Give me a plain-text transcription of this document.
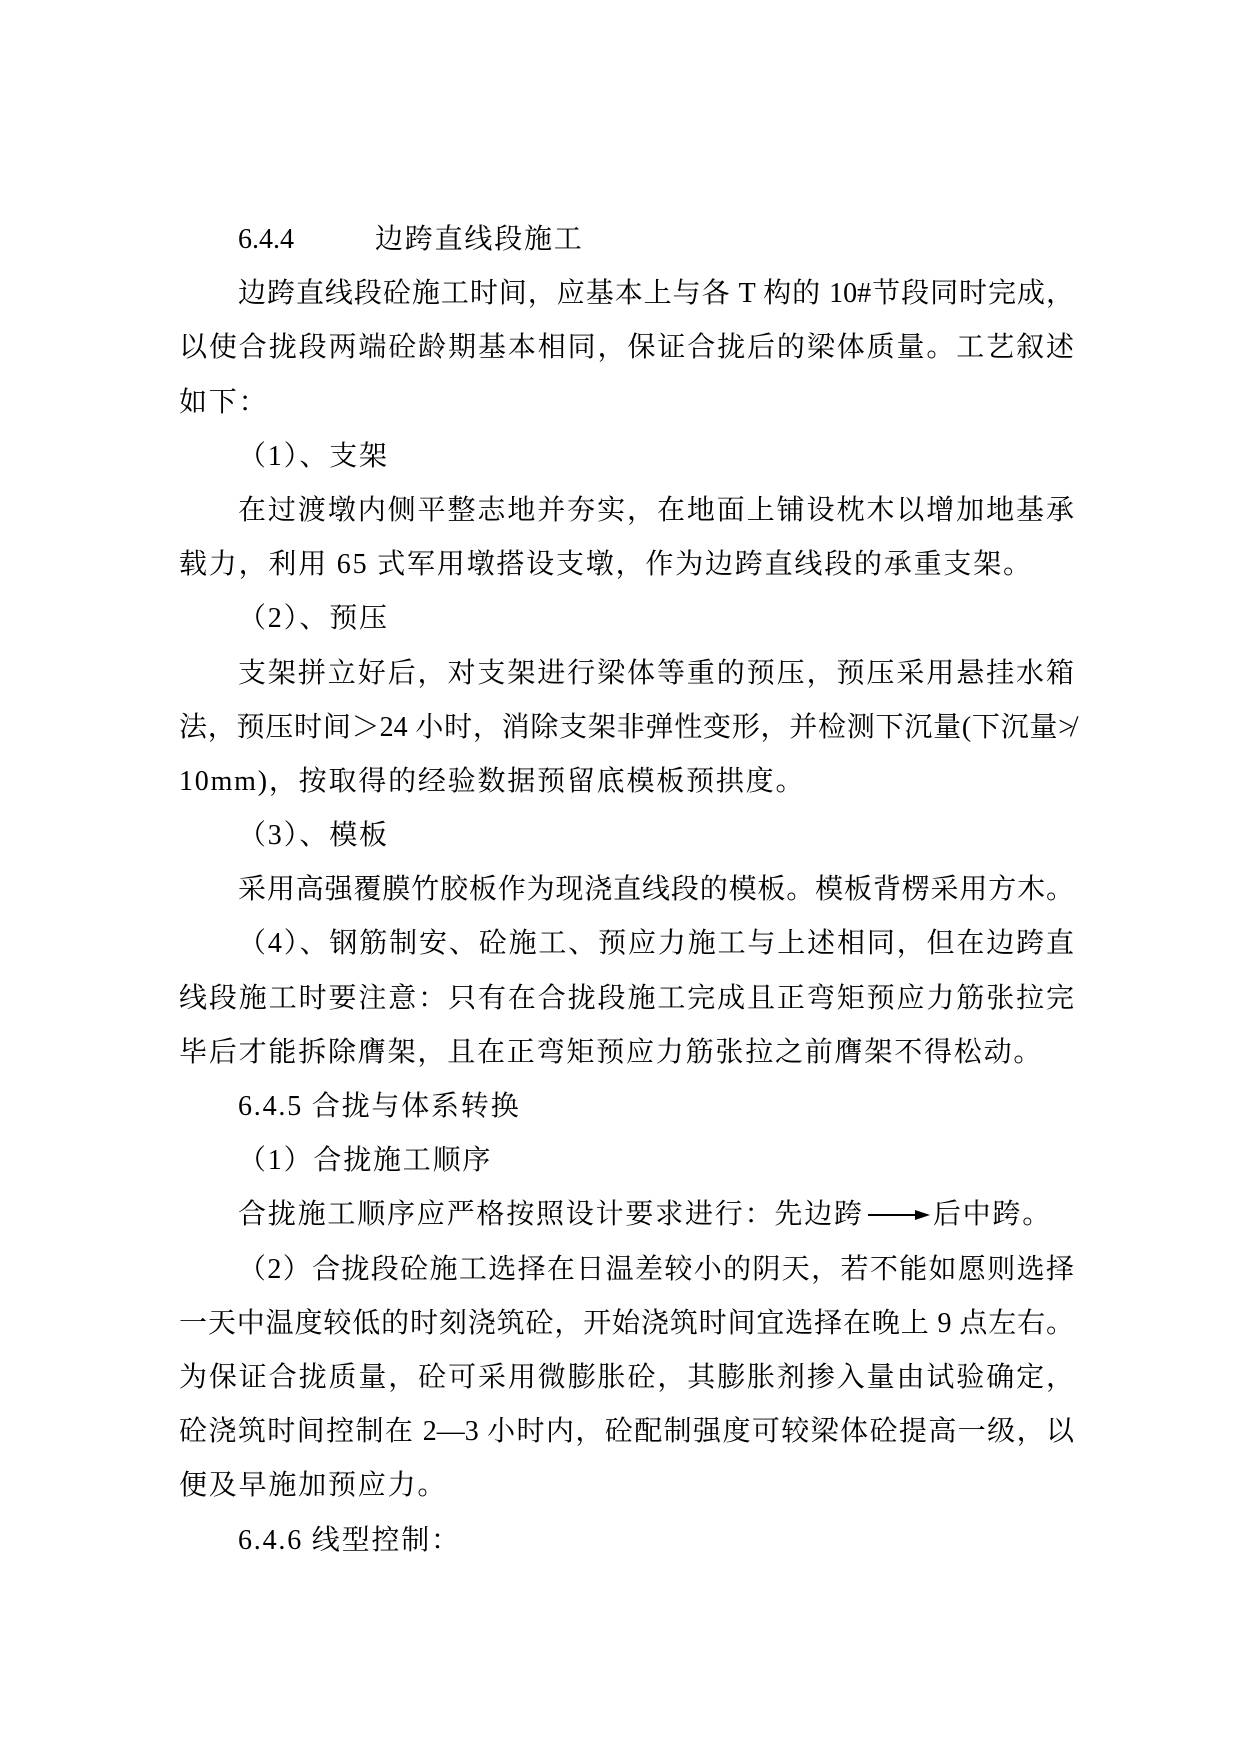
6.4.4	边跨直线段施工
边跨直线段砼施工时间，应基本上与各 T 构的 10#节段同时完成，
以使合拢段两端砼龄期基本相同，保证合拢后的梁体质量。工艺叙述
如下：
（1）、支架
在过渡墩内侧平整志地并夯实，在地面上铺设枕木以增加地基承
载力，利用 65 式军用墩搭设支墩，作为边跨直线段的承重支架。
（2）、预压
支架拼立好后，对支架进行梁体等重的预压，预压采用悬挂水箱
法，预压时间＞24 小时，消除支架非弹性变形，并检测下沉量(下沉量≯
10mm)，按取得的经验数据预留底模板预拱度。
（3）、模板
采用高强覆膜竹胶板作为现浇直线段的模板。模板背楞采用方木。
（4）、钢筋制安、砼施工、预应力施工与上述相同，但在边跨直
线段施工时要注意：只有在合拢段施工完成且正弯矩预应力筋张拉完
毕后才能拆除膺架，且在正弯矩预应力筋张拉之前膺架不得松动。
6.4.5 合拢与体系转换
（1）合拢施工顺序
合拢施工顺序应严格按照设计要求进行：先边跨 后中跨。
（2）合拢段砼施工选择在日温差较小的阴天，若不能如愿则选择
一天中温度较低的时刻浇筑砼，开始浇筑时间宜选择在晚上 9 点左右。
为保证合拢质量，砼可采用微膨胀砼，其膨胀剂掺入量由试验确定，
砼浇筑时间控制在 2—3 小时内，砼配制强度可较梁体砼提高一级，以
便及早施加预应力。
6.4.6 线型控制：
